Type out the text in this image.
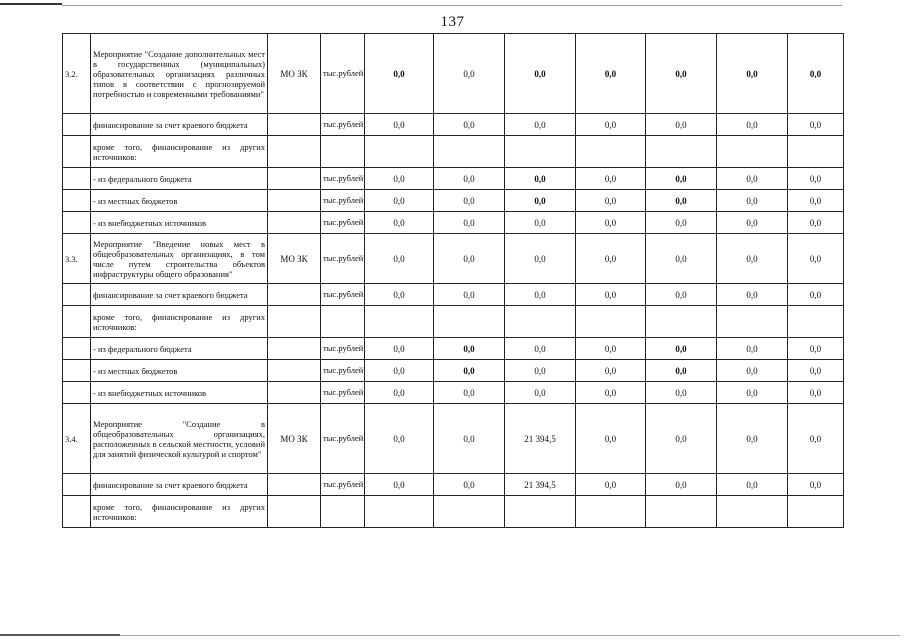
137
3.2.	Мероприятие "Создание дополнительных мест в государственных (муниципальных) образовательных организациях различных типов в соответствии с прогнозируемой потребностью и современными требованиями"	МО ЗК	тыс.рублей	0,0	0,0	0,0	0,0	0,0	0,0	0,0
	финансирование за счет краевого бюджета		тыс.рублей	0,0	0,0	0,0	0,0	0,0	0,0	0,0
	кроме того, финансирование из других источников:									
	- из федерального бюджета		тыс.рублей	0,0	0,0	0,0	0,0	0,0	0,0	0,0
	- из местных бюджетов		тыс.рублей	0,0	0,0	0,0	0,0	0,0	0,0	0,0
	- из внебюджетных источников		тыс.рублей	0,0	0,0	0,0	0,0	0,0	0,0	0,0
3.3.	Мероприятие "Введение новых мест в общеобразовательных организациях, в том числе путем строительства объектов инфраструктуры общего образования"	МО ЗК	тыс.рублей	0,0	0,0	0,0	0,0	0,0	0,0	0,0
	финансирование за счет краевого бюджета		тыс.рублей	0,0	0,0	0,0	0,0	0,0	0,0	0,0
	кроме того, финансирование из других источников:									
	- из федерального бюджета		тыс.рублей	0,0	0,0	0,0	0,0	0,0	0,0	0,0
	- из местных бюджетов		тыс.рублей	0,0	0,0	0,0	0,0	0,0	0,0	0,0
	- из внебюджетных источников		тыс.рублей	0,0	0,0	0,0	0,0	0,0	0,0	0,0
3.4.	Мероприятие "Создание в общеобразовательных организациях, расположенных в сельской местности, условий для занятий физической культурой и спортом"	МО ЗК	тыс.рублей	0,0	0,0	21 394,5	0,0	0,0	0,0	0,0
	финансирование за счет краевого бюджета		тыс.рублей	0,0	0,0	21 394,5	0,0	0,0	0,0	0,0
	кроме того, финансирование из других источников:									
